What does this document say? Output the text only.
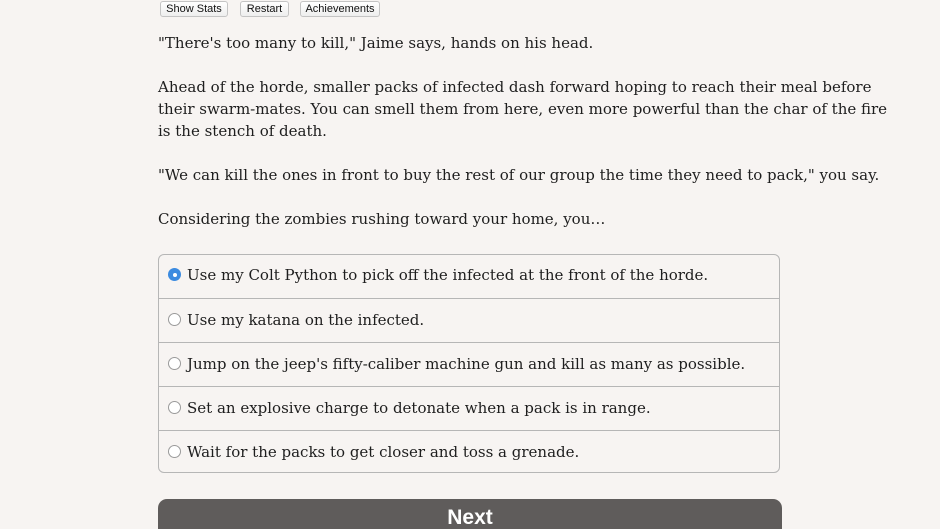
Show Stats	Restart	Achievements

"There's too many to kill," Jaime says, hands on his head.

Ahead of the horde, smaller packs of infected dash forward hoping to reach their meal before

their swarm-mates. You can smell them from here, even more powerful than the char of the fire

is the stench of death.

"We can kill the ones in front to buy the rest of our group the time they need to pack," you say.

Considering the zombies rushing toward your home, you…

Use my Colt Python to pick off the infected at the front of the horde.
Use my katana on the infected.
Jump on the jeep's fifty-caliber machine gun and kill as many as possible.
Set an explosive charge to detonate when a pack is in range.
Wait for the packs to get closer and toss a grenade.
Next
